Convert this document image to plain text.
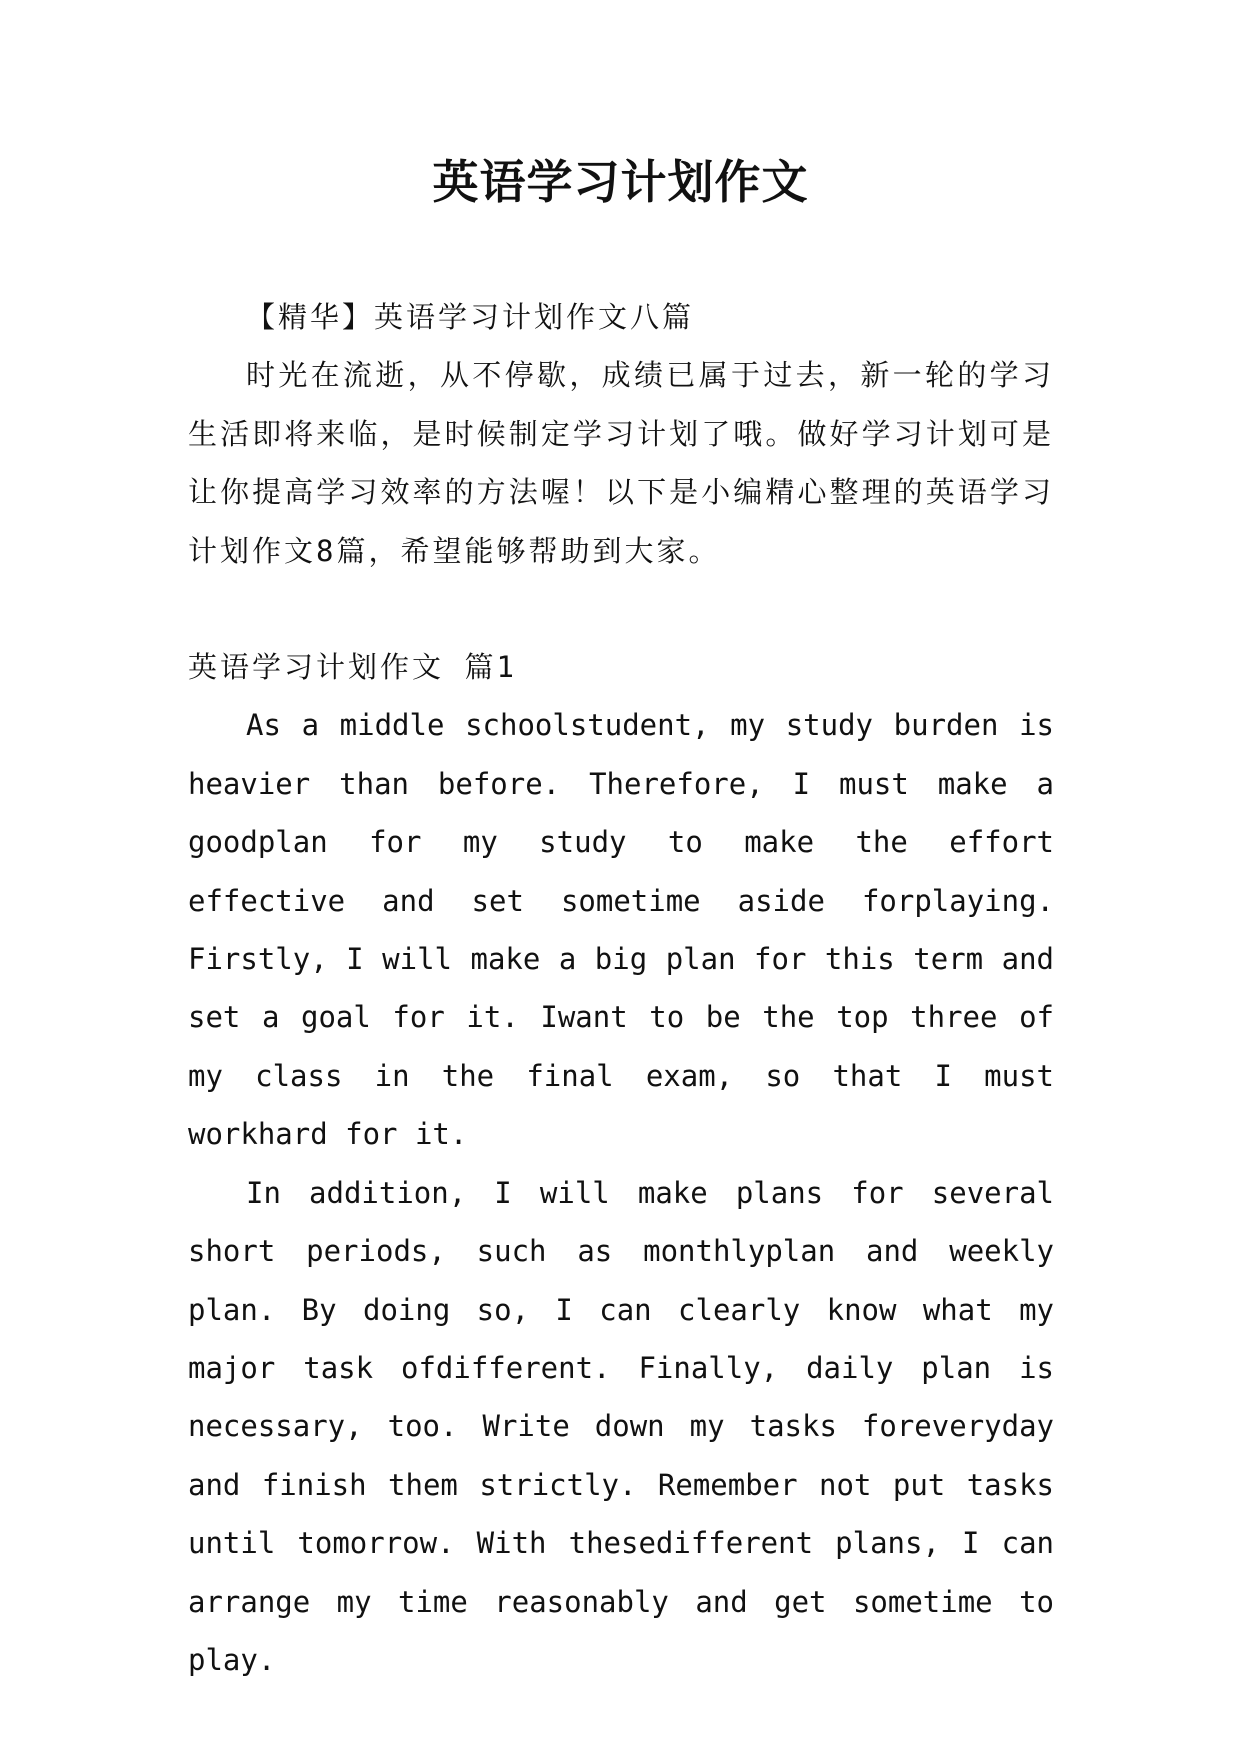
英语学习计划作文

【精华】英语学习计划作文八篇

时光在流逝，从不停歇，成绩已属于过去，新一轮的学习生活即将来临，是时候制定学习计划了哦。做好学习计划可是让你提高学习效率的方法喔！以下是小编精心整理的英语学习计划作文8篇，希望能够帮助到大家。

英语学习计划作文 篇1

As a middle schoolstudent, my study burden is heavier than before. Therefore, I must make a goodplan for my study to make the effort effective and set sometime aside forplaying. Firstly, I will make a big plan for this term and set a goal for it. Iwant to be the top three of my class in the final exam, so that I must workhard for it.

In addition, I will make plans for several short periods, such as monthlyplan and weekly plan. By doing so, I can clearly know what my major task ofdifferent. Finally, daily plan is necessary, too. Write down my tasks foreveryday and finish them strictly. Remember not put tasks until tomorrow. With thesedifferent plans, I can arrange my time reasonably and get sometime to play.
